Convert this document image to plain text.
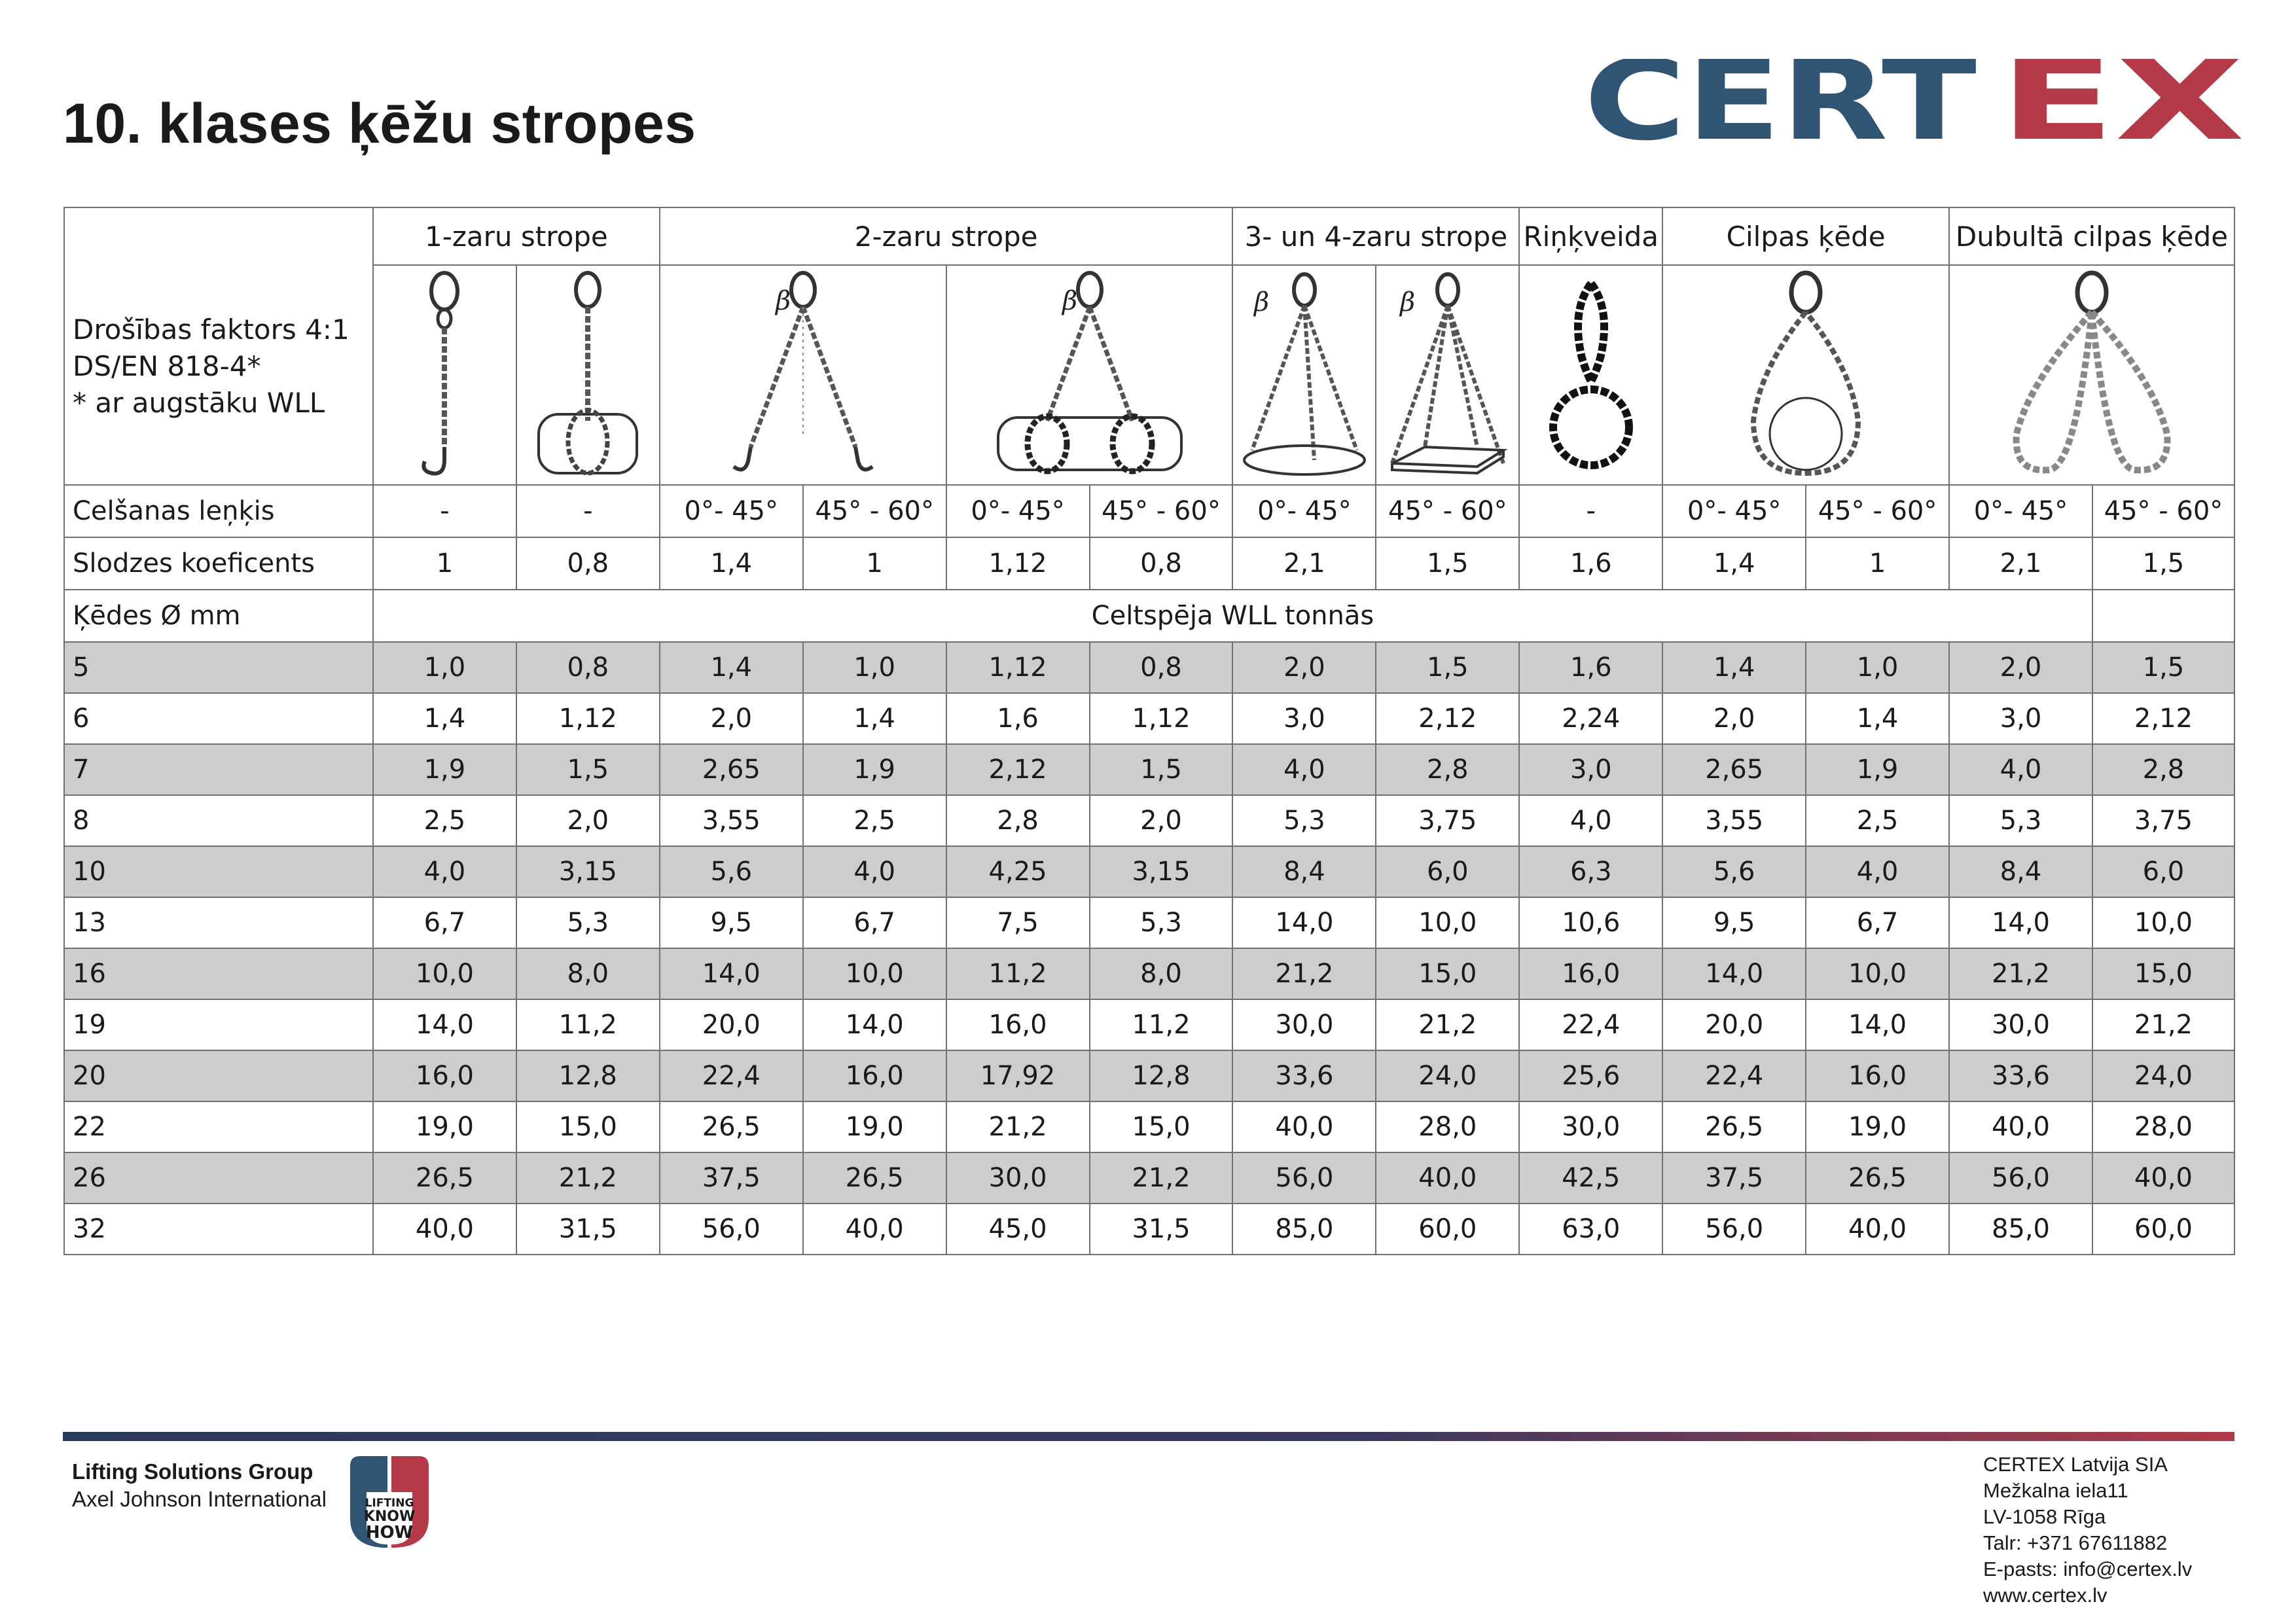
10. klases ķēžu stropes	CERT EX
Drošības faktors 4:1
DS/EN 818-4*
* ar augstāku WLL	1-zaru strope		2-zaru strope				3- un 4-zaru strope		Riņķveida	Cilpas ķēde		Dubultā cilpas ķēde	

β		β		β	β

Celšanas leņķis	-	-	0°- 45°	45° - 60°	0°- 45°	45° - 60°	0°- 45°	45° - 60°	-	0°- 45°	45° - 60°	0°- 45°	45° - 60°
Slodzes koeficents	1	0,8	1,4	1	1,12	0,8	2,1	1,5	1,6	1,4	1	2,1	1,5
Ķēdes Ø mm	Celtspēja WLL tonnās												
5	1,0	0,8	1,4	1,0	1,12	0,8	2,0	1,5	1,6	1,4	1,0	2,0	1,5
6	1,4	1,12	2,0	1,4	1,6	1,12	3,0	2,12	2,24	2,0	1,4	3,0	2,12
7	1,9	1,5	2,65	1,9	2,12	1,5	4,0	2,8	3,0	2,65	1,9	4,0	2,8
8	2,5	2,0	3,55	2,5	2,8	2,0	5,3	3,75	4,0	3,55	2,5	5,3	3,75
10	4,0	3,15	5,6	4,0	4,25	3,15	8,4	6,0	6,3	5,6	4,0	8,4	6,0
13	6,7	5,3	9,5	6,7	7,5	5,3	14,0	10,0	10,6	9,5	6,7	14,0	10,0
16	10,0	8,0	14,0	10,0	11,2	8,0	21,2	15,0	16,0	14,0	10,0	21,2	15,0
19	14,0	11,2	20,0	14,0	16,0	11,2	30,0	21,2	22,4	20,0	14,0	30,0	21,2
20	16,0	12,8	22,4	16,0	17,92	12,8	33,6	24,0	25,6	22,4	16,0	33,6	24,0
22	19,0	15,0	26,5	19,0	21,2	15,0	40,0	28,0	30,0	26,5	19,0	40,0	28,0
26	26,5	21,2	37,5	26,5	30,0	21,2	56,0	40,0	42,5	37,5	26,5	56,0	40,0
32	40,0	31,5	56,0	40,0	45,0	31,5	85,0	60,0	63,0	56,0	40,0	85,0	60,0
Lifting Solutions Group
Axel Johnson International	LIFTING
KNOW
HOW
CERTEX Latvija SIA
Mežkalna iela11
LV-1058 Rīga
Talr: +371 67611882
E-pasts: info@certex.lv
www.certex.lv
